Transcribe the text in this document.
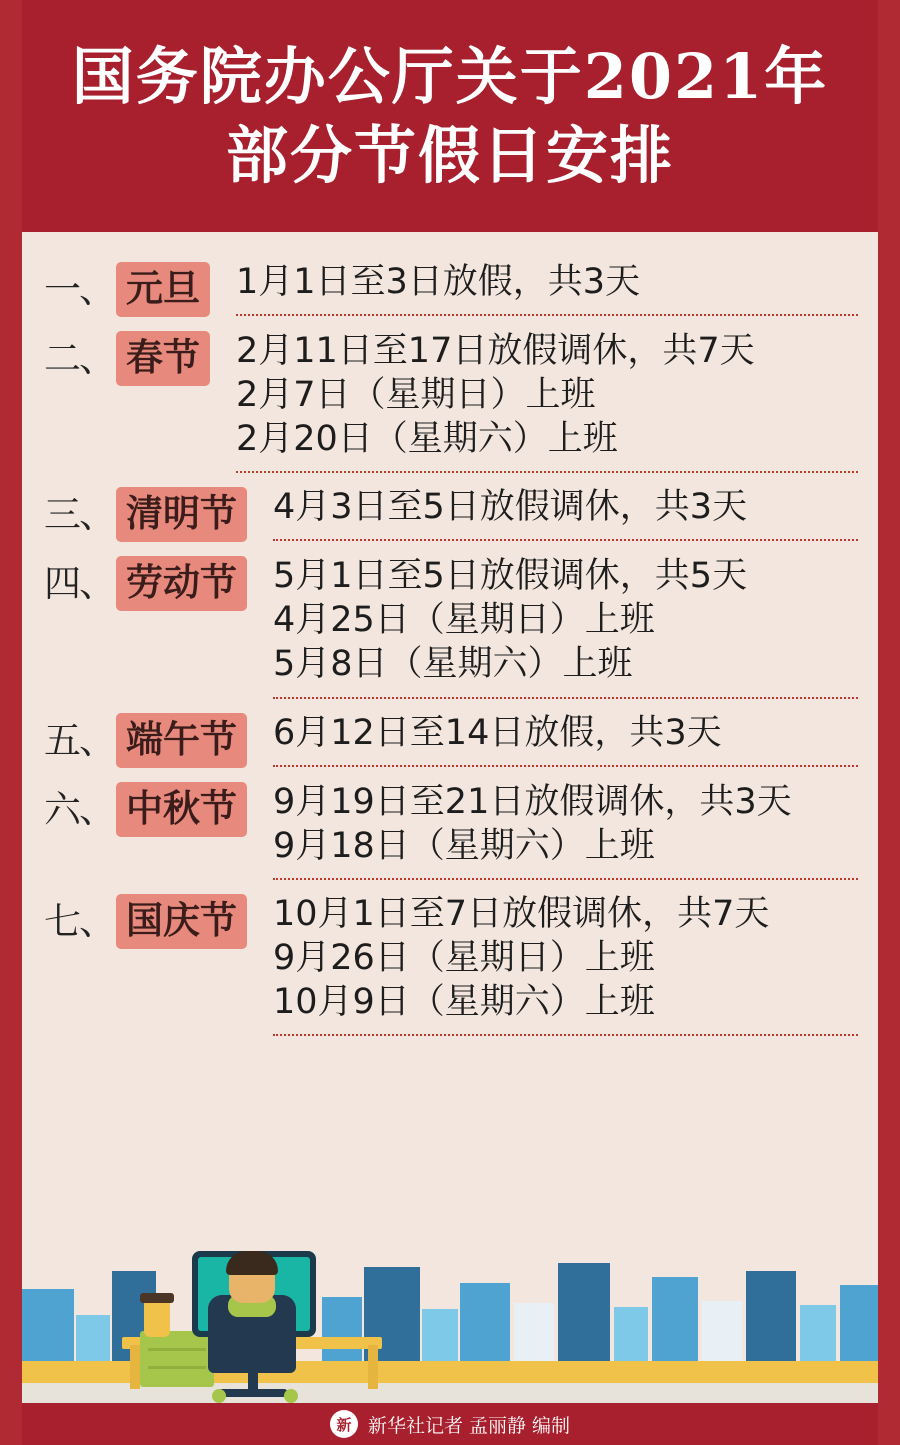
国务院办公厅关于2021年
部分节假日安排
一、 元旦 1月1日至3日放假，共3天
二、 春节 2月11日至17日放假调休，共7天
2月7日（星期日）上班
2月20日（星期六）上班
三、 清明节 4月3日至5日放假调休，共3天
四、 劳动节 5月1日至5日放假调休，共5天
4月25日（星期日）上班
5月8日（星期六）上班
五、 端午节 6月12日至14日放假，共3天
六、 中秋节 9月19日至21日放假调休，共3天
9月18日（星期六）上班
七、 国庆节 10月1日至7日放假调休，共7天
9月26日（星期日）上班
10月9日（星期六）上班
新 新华社记者 孟丽静 编制
